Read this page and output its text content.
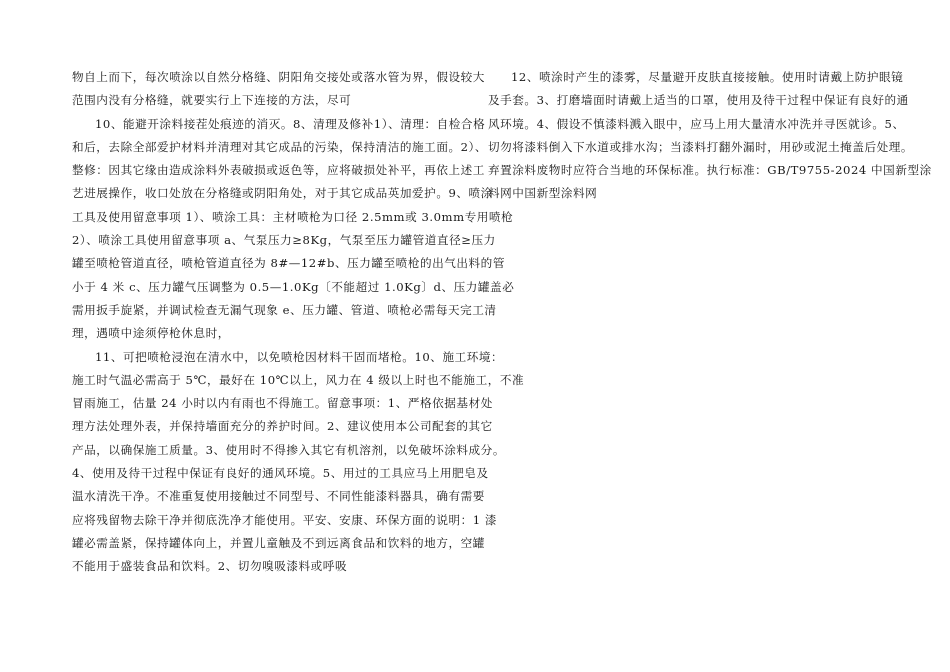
物自上而下，每次喷涂以自然分格缝、阴阳角交接处或落水管为界，假设较大
范围内没有分格缝，就要实行上下连接的方法，尽可
10、能避开涂料接茬处痕迹的消灭。8、清理及修补1）、清理：自检合格
和后，去除全部爱护材料并清理对其它成品的污染，保持清洁的施工面。2）、
整修：因其它缘由造成涂料外表破损或返色等，应将破损处补平，再依上述工
艺进展操作，收口处放在分格缝或阴阳角处，对于其它成品英加爱护。9、喷涂
工具及使用留意事项 1）、喷涂工具：主材喷枪为口径 2.5mm或 3.0mm专用喷枪
2）、喷涂工具使用留意事项 a、气泵压力≥8Kg，气泵至压力罐管道直径≥压力
罐至喷枪管道直径，喷枪管道直径为 8#—12#b、压力罐至喷枪的出气出料的管
小于 4 米 c、压力罐气压调整为 0.5—1.0Kg〔不能超过 1.0Kg〕d、压力罐盖必
需用扳手旋紧，并调试检查无漏气现象 e、压力罐、管道、喷枪必需每天完工清
理，遇喷中途须停枪休息时，
11、可把喷枪浸泡在清水中，以免喷枪因材料干固而堵枪。10、施工环境：
施工时气温必需高于 5℃，最好在 10℃以上，风力在 4 级以上时也不能施工，不准
冒雨施工，估量 24 小时以内有雨也不得施工。留意事项：1、严格依据基材处
理方法处理外表，并保持墙面充分的养护时间。2、建议使用本公司配套的其它
产品，以确保施工质量。3、使用时不得掺入其它有机溶剂，以免破坏涂料成分。
4、使用及待干过程中保证有良好的通风环境。5、用过的工具应马上用肥皂及
温水清洗干净。不准重复使用接触过不同型号、不同性能漆料器具，确有需要
应将残留物去除干净并彻底洗净才能使用。平安、安康、环保方面的说明：1 漆
罐必需盖紧，保持罐体向上，并置儿童触及不到远离食品和饮料的地方，空罐
不能用于盛装食品和饮料。2、切勿嗅吸漆料或呼吸
12、喷涂时产生的漆雾，尽量避开皮肤直接接触。使用时请戴上防护眼镜
及手套。3、打磨墙面时请戴上适当的口罩，使用及待干过程中保证有良好的通
风环境。4、假设不慎漆料溅入眼中，应马上用大量清水冲洗并寻医就诊。5、
切勿将漆料倒入下水道或排水沟；当漆料打翻外漏时，用砂或泥土掩盖后处理。
弃置涂料废物时应符合当地的环保标准。执行标准：GB/T9755-2024 中国新型涂
料网中国新型涂料网
